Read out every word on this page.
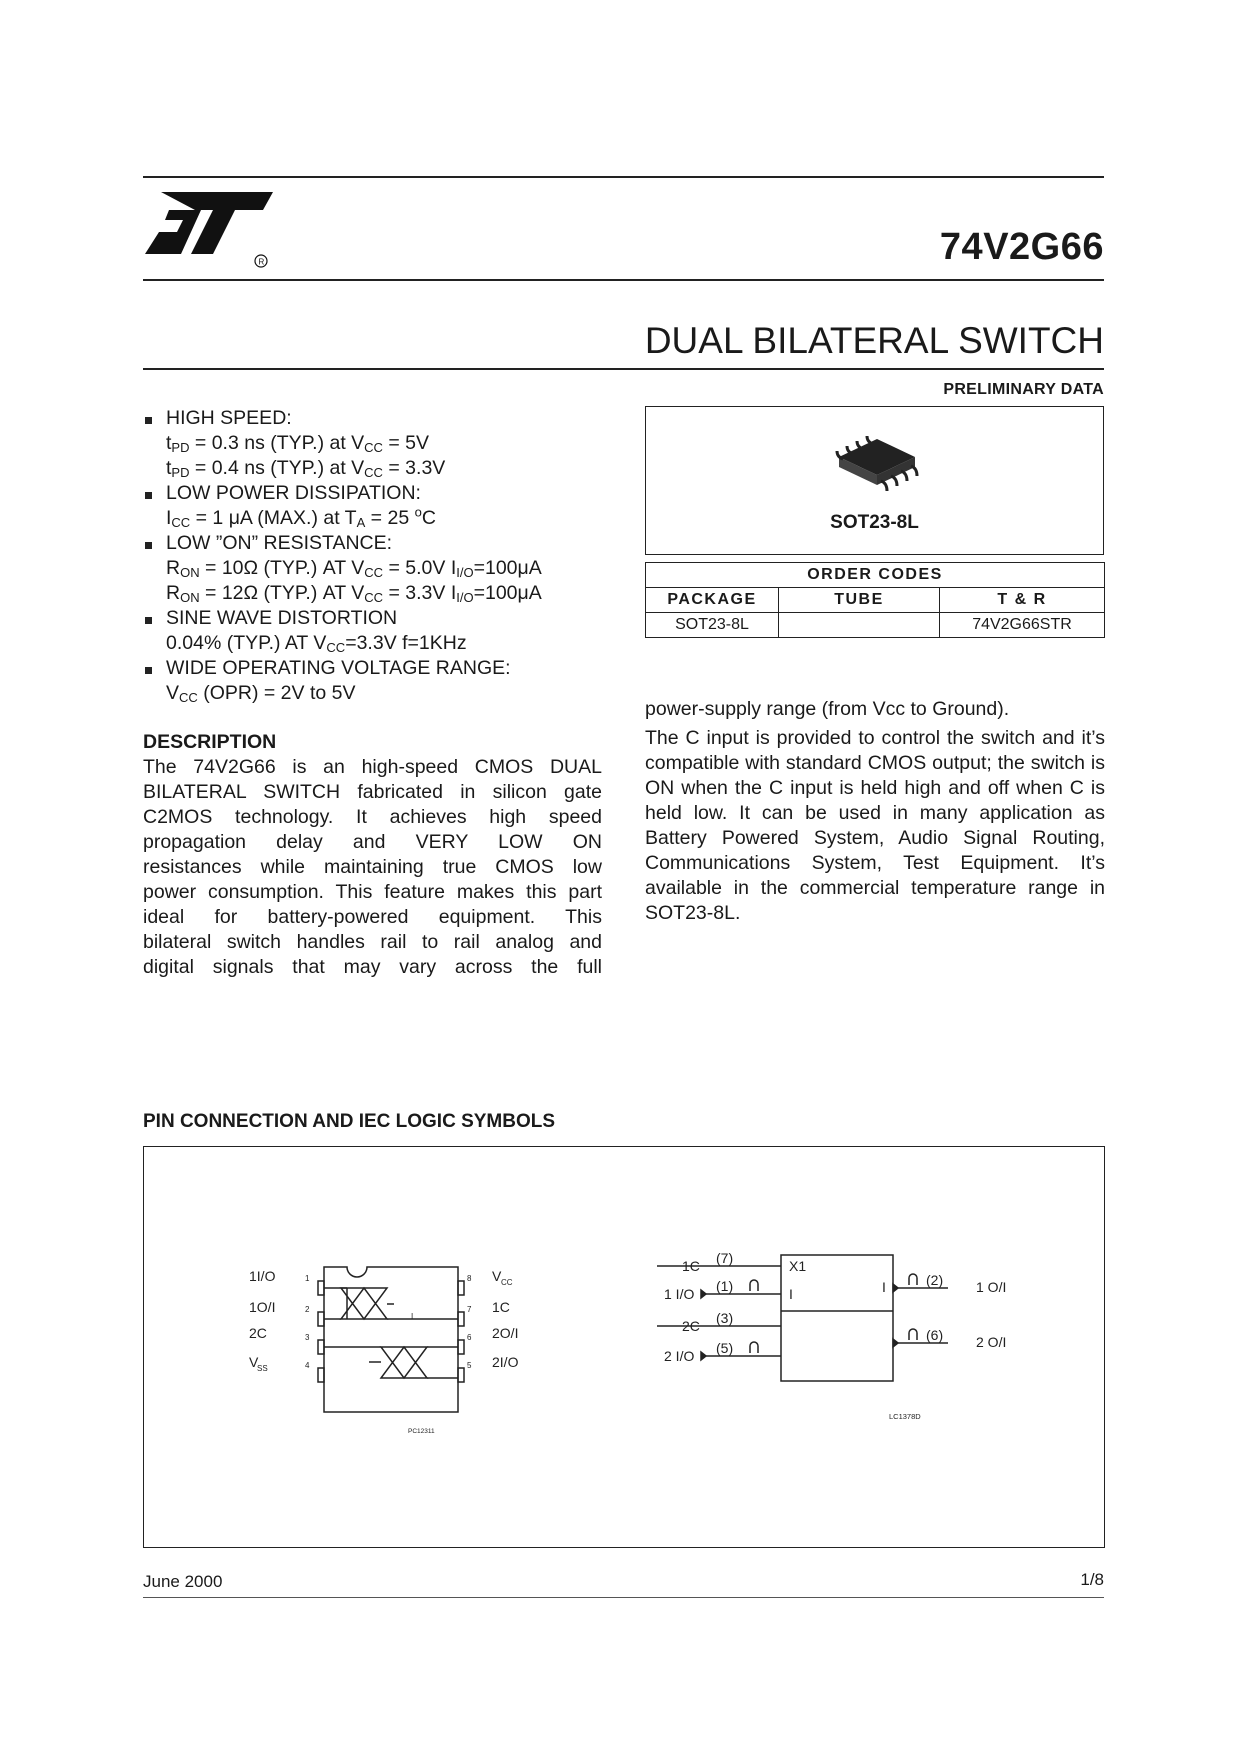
R	74V2G66
DUAL BILATERAL SWITCH
PRELIMINARY DATA
SOT23-8L
ORDER CODES		
PACKAGE	TUBE	T & R
SOT23-8L		74V2G66STR
HIGH SPEED:
$t_{PD} = 0.3$ ns (TYP.) at $V_{CC} = 5V$
$t_{PD} = 0.4$ ns (TYP.) at $V_{CC} = 3.3V$
LOW POWER DISSIPATION:
$I_{CC} = 1$ μA (MAX.) at $T_A = 25$ $^o$C
LOW ”ON” RESISTANCE:
$R_{ON} = 10\Omega$ (TYP.) AT $V_{CC} = 5.0V$ $I_{I/O}=100\mu A$
$R_{ON} = 12\Omega$ (TYP.) AT $V_{CC} = 3.3V$ $I_{I/O}=100\mu A$
SINE WAVE DISTORTION
0.04% (TYP.) AT $V_{CC}=3.3V$ f=1KHz
WIDE OPERATING VOLTAGE RANGE:
$V_{CC}$ (OPR) = 2V to 5V
DESCRIPTION

The 74V2G66 is an high-speed CMOS DUAL

BILATERAL SWITCH fabricated in silicon gate

C2MOS technology. It achieves high speed

propagation delay and VERY LOW ON

resistances while maintaining true CMOS low

power consumption. This feature makes this part

ideal for battery-powered equipment. This

bilateral switch handles rail to rail analog and

digital signals that may vary across the full

power-supply range (from Vcc to Ground).
The C input is provided to control the switch and it’s compatible with standard CMOS output; the switch is ON when the C input is held high and off when C is held low. It can be used in many application as Battery Powered System, Audio Signal Routing, Communications System, Test Equipment. It’s available in the commercial temperature range in SOT23-8L.
PIN CONNECTION AND IEC LOGIC SYMBOLS
1I/O
1O/I
2C
V
SS
1
2
3
4
8
7
6
5
V CC
1C
2O/I
2I/O
I
PC12311
1C
1 I/O
2C
2 I/O
(7)
(1)
(3)
(5)
X1
I	I	(2)
(6)
1 O/I
2 O/I
LC1378D
June 2000	1/8
